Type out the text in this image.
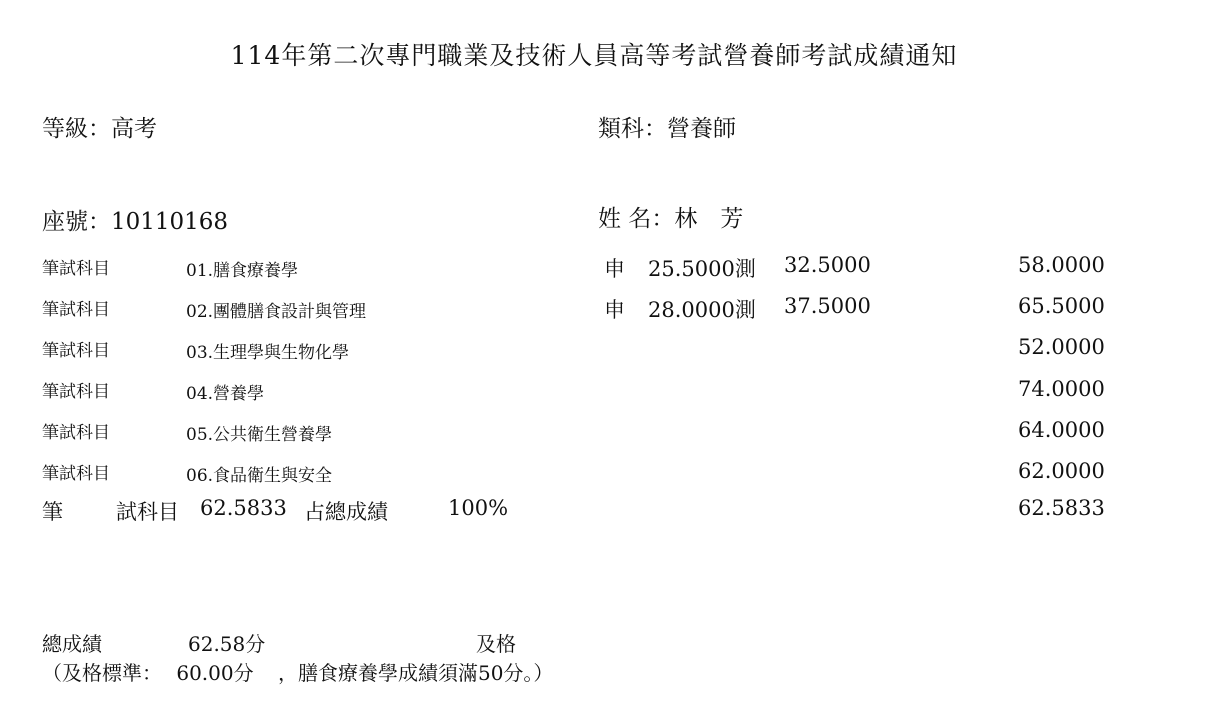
114年第二次專門職業及技術人員高等考試營養師考試成績通知
等級：高考	類科：營養師
座號：10110168	姓 名：林　芳
筆試科目	01.膳食療養學	申 25.5000測 32.5000	58.0000
筆試科目	02.團體膳食設計與管理	申 28.0000測 37.5000	65.5000
筆試科目	03.生理學與生物化學	52.0000
筆試科目	04.營養學	74.0000
筆試科目	05.公共衛生營養學	64.0000
筆試科目	06.食品衛生與安全	62.0000
筆	試科目 62.5833 占總成績	100%	62.5833
總成績	62.58分	及格
（及格標準： 60.00分 ，膳食療養學成績須滿50分。）
